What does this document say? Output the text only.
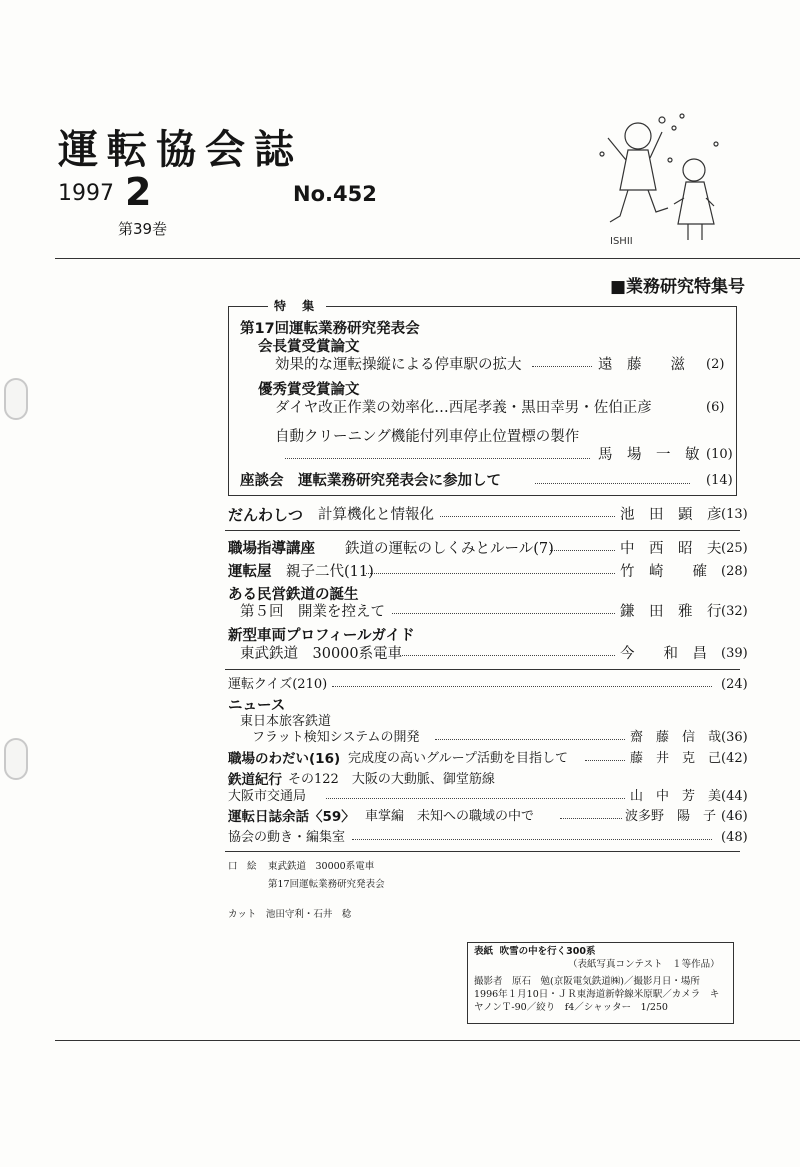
運転協会誌
1997 2
第39巻
No.452
ISHII
■業務研究特集号
特 集
第17回運転業務研究発表会
会長賞受賞論文
効果的な運転操縦による停車駅の拡大	遠　藤　　滋 (2)
優秀賞受賞論文
ダイヤ改正作業の効率化…西尾孝義・黒田幸男・佐伯正彦	(6)
自動クリーニング機能付列車停止位置標の製作
馬　場　一　敏 (10)
座談会　運転業務研究発表会に参加して	(14)
だんわしつ 計算機化と情報化	池　田　顕　彦 (13)
職場指導講座 鉄道の運転のしくみとルール(7)	中　西　昭　夫 (25)
運転屋 親子二代(11)	竹　崎　　確 (28)
ある民営鉄道の誕生
第５回　開業を控えて	鎌　田　雅　行 (32)
新型車両プロフィールガイド
東武鉄道　30000系電車	今　　和　昌 (39)
運転クイズ(210)	(24)
ニュース
東日本旅客鉄道
フラット検知システムの開発	齋　藤　信　哉 (36)
職場のわだい(16) 完成度の高いグループ活動を目指して	藤　井　克　己 (42)
鉄道紀行 その122　大阪の大動脈、御堂筋線
大阪市交通局	山　中　芳　美 (44)
運転日誌余話〈59〉 車掌編　未知への職域の中で	波多野　陽　子 (46)
協会の動き・編集室	(48)
口　絵 東武鉄道　30000系電車
第17回運転業務研究発表会
カット　池田守利・石井　稔
表紙 吹雪の中を行く300系
（表紙写真コンテスト　１等作品）
撮影者　原石　勉(京阪電気鉄道㈱)／撮影月日・場所
1996年１月10日・ＪＲ東海道新幹線米原駅／カメラ　キ
ヤノンＴ-90／絞り　f4／シャッター　1/250
